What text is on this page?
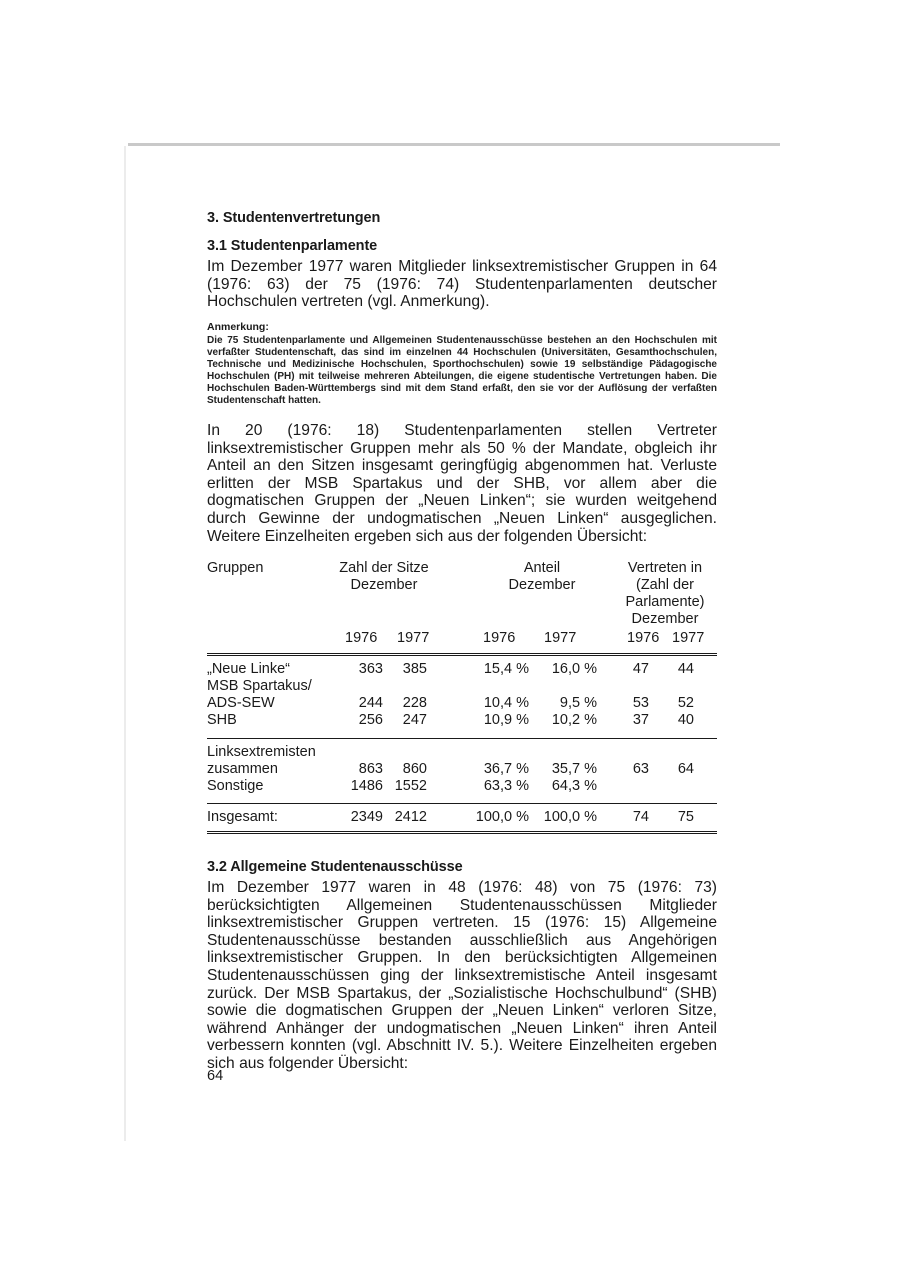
3. Studentenvertretungen
3.1 Studentenparlamente

Im Dezember 1977 waren Mitglieder linksextremistischer Gruppen in 64 (1976: 63) der 75 (1976: 74) Studentenparlamenten deutscher Hochschulen vertreten (vgl. Anmerkung).

Anmerkung:

Die 75 Studentenparlamente und Allgemeinen Studentenausschüsse bestehen an den Hochschulen mit verfaßter Studentenschaft, das sind im einzelnen 44 Hochschulen (Universitäten, Gesamthochschulen, Technische und Medizinische Hochschulen, Sporthochschulen) sowie 19 selbständige Pädagogische Hochschulen (PH) mit teilweise mehreren Abteilungen, die eigene studentische Vertretungen haben. Die Hochschulen Baden-Württembergs sind mit dem Stand erfaßt, den sie vor der Auflösung der verfaßten Studentenschaft hatten.

In 20 (1976: 18) Studentenparlamenten stellen Vertreter linksextremistischer Gruppen mehr als 50 % der Mandate, obgleich ihr Anteil an den Sitzen insgesamt geringfügig abgenommen hat. Verluste erlitten der MSB Spartakus und der SHB, vor allem aber die dogmatischen Gruppen der „Neuen Linken“; sie wurden weitgehend durch Gewinne der undogmatischen „Neuen Linken“ ausgeglichen. Weitere Einzelheiten ergeben sich aus der folgenden Übersicht:

Gruppen	Zahl der Sitze
Dezember
Anteil
Dezember
Vertreten in
(Zahl der
Parlamente)
Dezember
1976 1977	1976 1977	1976 1977
„Neue Linke“	363	385	15,4 %	16,0 %	47	44
MSB Spartakus/
ADS-SEW	244	228	10,4 %	9,5 %	53	52
SHB	256	247	10,9 %	10,2 %	37	40
Linksextremisten
zusammen	863	860	36,7 %	35,7 %	63	64
Sonstige	1486 1552	63,3 %	64,3 %
Insgesamt:	2349 2412	100,0 %	100,0 %	74	75
3.2 Allgemeine Studentenausschüsse

Im Dezember 1977 waren in 48 (1976: 48) von 75 (1976: 73) berücksichtigten Allgemeinen Studentenausschüssen Mitglieder linksextremistischer Gruppen vertreten. 15 (1976: 15) Allgemeine Studentenausschüsse bestanden ausschließlich aus Angehörigen linksextremistischer Gruppen. In den berücksichtigten Allgemeinen Studentenausschüssen ging der linksextremistische Anteil insgesamt zurück. Der MSB Spartakus, der „Sozialistische Hochschulbund“ (SHB) sowie die dogmatischen Gruppen der „Neuen Linken“ verloren Sitze, während Anhänger der undogmatischen „Neuen Linken“ ihren Anteil verbessern konnten (vgl. Abschnitt IV. 5.). Weitere Einzelheiten ergeben sich aus folgender Übersicht:

64
